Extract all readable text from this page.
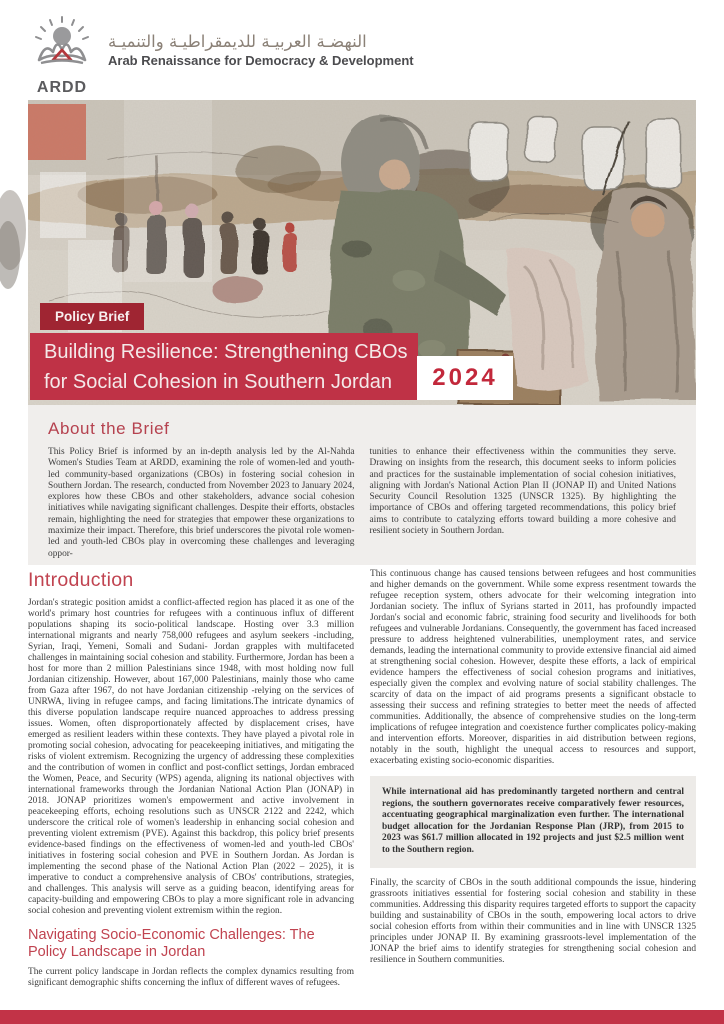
ARDD
النهضـة العربيـة للديمقراطيـة والتنميـة
Arab Renaissance for Democracy & Development
Policy Brief
Building Resilience: Strengthening CBOs
for Social Cohesion in Southern Jordan	2024
About the Brief
This Policy Brief is informed by an in-depth analysis led by the Al-Nahda Women's Studies Team at ARDD, examining the role of women-led and youth-led community-based organizations (CBOs) in fostering social cohesion in Southern Jordan. The research, conducted from November 2023 to January 2024, explores how these CBOs and other stakeholders, advance social cohesion initiatives while navigating significant challenges. Despite their efforts, obstacles remain, highlighting the need for strategies that empower these organizations to maximize their impact. Therefore, this brief underscores the pivotal role women-led and youth-led CBOs play in overcoming these challenges and leveraging oppor-
tunities to enhance their effectiveness within the communities they serve. Drawing on insights from the research, this document seeks to inform policies and practices for the sustainable implementation of social cohesion initiatives, aligning with Jordan's National Action Plan II (JONAP II) and United Nations Security Council Resolution 1325 (UNSCR 1325). By highlighting the importance of CBOs and offering targeted recommendations, this policy brief aims to contribute to catalyzing efforts toward building a more cohesive and resilient society in Southern Jordan.
Introduction

Jordan's strategic position amidst a conflict-affected region has placed it as one of the world's primary host countries for refugees with a continuous influx of different populations shaping its socio-political landscape. Hosting over 3.3 million international migrants and nearly 758,000 refugees and asylum seekers -including, Syrian, Iraqi, Yemeni, Somali and Sudani- Jordan grapples with multifaceted challenges in maintaining social cohesion and stability. Furthermore, Jordan has been a host for more than 2 million Palestinians since 1948, with most holding now full Jordanian citizenship. However, about 167,000 Palestinians, mainly those who came from Gaza after 1967, do not have Jordanian citizenship -relying on the services of UNRWA, living in refugee camps, and facing limitations.The intricate dynamics of this diverse population landscape require nuanced approaches to address pressing issues. Women, often disproportionately affected by displacement crises, have emerged as resilient leaders within these contexts. They have played a pivotal role in promoting social cohesion, advocating for peacekeeping initiatives, and mitigating the risks of violent extremism. Recognizing the urgency of addressing these complexities and the contribution of women in conflict and post-conflict settings, Jordan embraced the Women, Peace, and Security (WPS) agenda, aligning its national objectives with international frameworks through the Jordanian National Action Plan (JONAP) in 2018. JONAP prioritizes women's empowerment and active involvement in peacekeeping efforts, echoing resolutions such as UNSCR 2122 and 2242, which underscore the critical role of women's leadership in enhancing social cohesion and preventing violent extremism (PVE). Against this backdrop, this policy brief presents evidence-based findings on the effectiveness of women-led and youth-led CBOs' initiatives in fostering social cohesion and PVE in Southern Jordan. As Jordan is implementing the second phase of the National Action Plan (2022 – 2025), it is imperative to conduct a comprehensive analysis of CBOs' contributions, strategies, and challenges. This analysis will serve as a guiding beacon, identifying areas for capacity-building and empowering CBOs to play a more significant role in advancing social cohesion and preventing violent extremism within the region.

Navigating Socio-Economic Challenges: The Policy Landscape in Jordan

The current policy landscape in Jordan reflects the complex dynamics resulting from significant demographic shifts concerning the influx of different waves of refugees.

This continuous change has caused tensions between refugees and host communities and higher demands on the government. While some express resentment towards the refugee reception system, others advocate for their welcoming integration into Jordanian society. The influx of Syrians started in 2011, has profoundly impacted Jordan's social and economic fabric, straining food security and livelihoods for both refugees and vulnerable Jordanians. Consequently, the government has faced increased pressure to address heightened vulnerabilities, unemployment rates, and service demands, leading the international community to provide extensive financial aid aimed at strengthening social cohesion. However, despite these efforts, a lack of empirical evidence hampers the effectiveness of social cohesion programs and initiatives, especially given the complex and evolving nature of social stability challenges. The scarcity of data on the impact of aid programs presents a significant obstacle to assessing their success and refining strategies to better meet the needs of affected communities. Additionally, the absence of comprehensive studies on the long-term implications of refugee integration and coexistence further complicates policy-making and intervention efforts. Moreover, disparities in aid distribution between regions, notably in the south, highlight the unequal access to resources and support, exacerbating existing socio-economic disparities.

While international aid has predominantly targeted northern and central regions, the southern governorates receive comparatively fewer resources, accentuating geographical marginalization even further. The international budget allocation for the Jordanian Response Plan (JRP), from 2015 to 2023 was $61.7 million allocated in 192 projects and just $2.5 million went to the Southern region.

Finally, the scarcity of CBOs in the south additional compounds the issue, hindering grassroots initiatives essential for fostering social cohesion and stability in these communities. Addressing this disparity requires targeted efforts to support the capacity building and sustainability of CBOs in the south, empowering local actors to drive social cohesion efforts from within their communities and in line with UNSCR 1325 principles under JONAP II. By examining grassroots-level implementation of the JONAP the brief aims to identify strategies for strengthening social cohesion and resilience in Southern communities.
